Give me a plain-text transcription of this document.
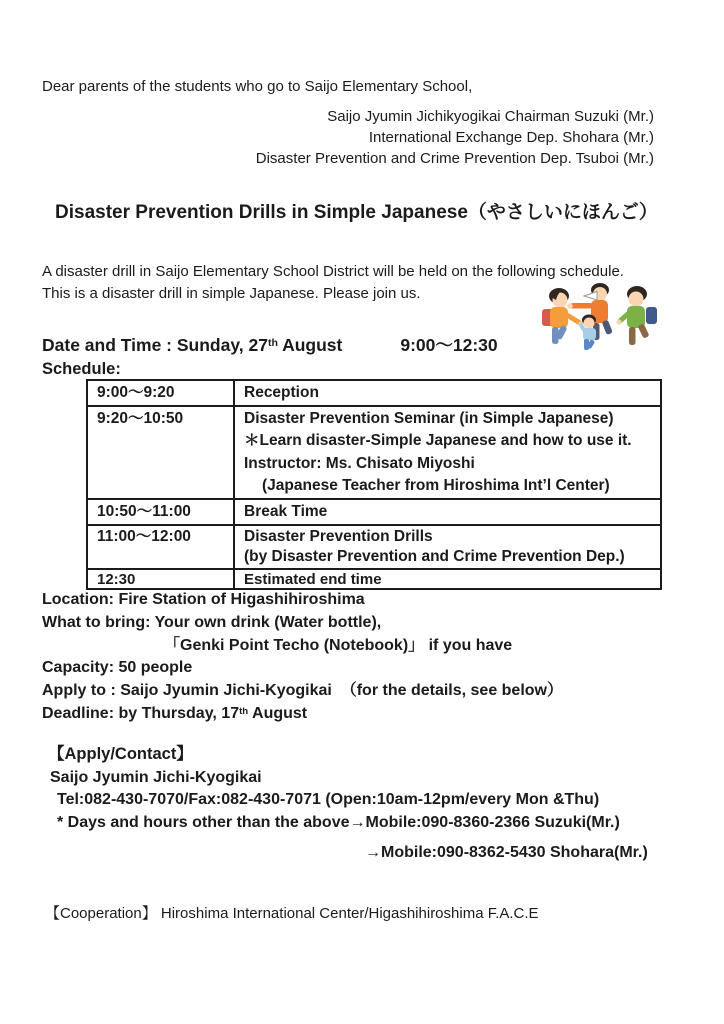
Dear parents of the students who go to Saijo Elementary School,
Saijo Jyumin Jichikyogikai Chairman Suzuki (Mr.)
International Exchange Dep. Shohara (Mr.)
Disaster Prevention and Crime Prevention Dep. Tsuboi (Mr.)
Disaster Prevention Drills in Simple Japanese（やさしいにほんご）
A disaster drill in Saijo Elementary School District will be held on the following schedule.
This is a disaster drill in simple Japanese. Please join us.
Date and Time : Sunday, 27th August	9:00～12:30
Schedule:
9:00～9:20	Reception
9:20～10:50	Disaster Prevention Seminar (in Simple Japanese)
＊Learn disaster-Simple Japanese and how to use it.
Instructor: Ms. Chisato Miyoshi
(Japanese Teacher from Hiroshima Int’l Center)

10:50～11:00	Break Time
11:00～12:00	Disaster Prevention Drills
(by Disaster Prevention and Crime Prevention Dep.)

12:30	Estimated end time
Location: Fire Station of Higashihiroshima
What to bring: Your own drink (Water bottle),
「Genki Point Techo (Notebook)」 if you have
Capacity: 50 people
Apply to : Saijo Jyumin Jichi-Kyogikai  （for the details, see below）
Deadline: by Thursday, 17th August
【Apply/Contact】
Saijo Jyumin Jichi-Kyogikai
Tel:082-430-7070/Fax:082-430-7071 (Open:10am-12pm/every Mon &Thu)
* Days and hours other than the above→Mobile:090-8360-2366 Suzuki(Mr.)
→Mobile:090-8362-5430 Shohara(Mr.)
【Cooperation】 Hiroshima International Center/Higashihiroshima F.A.C.E
